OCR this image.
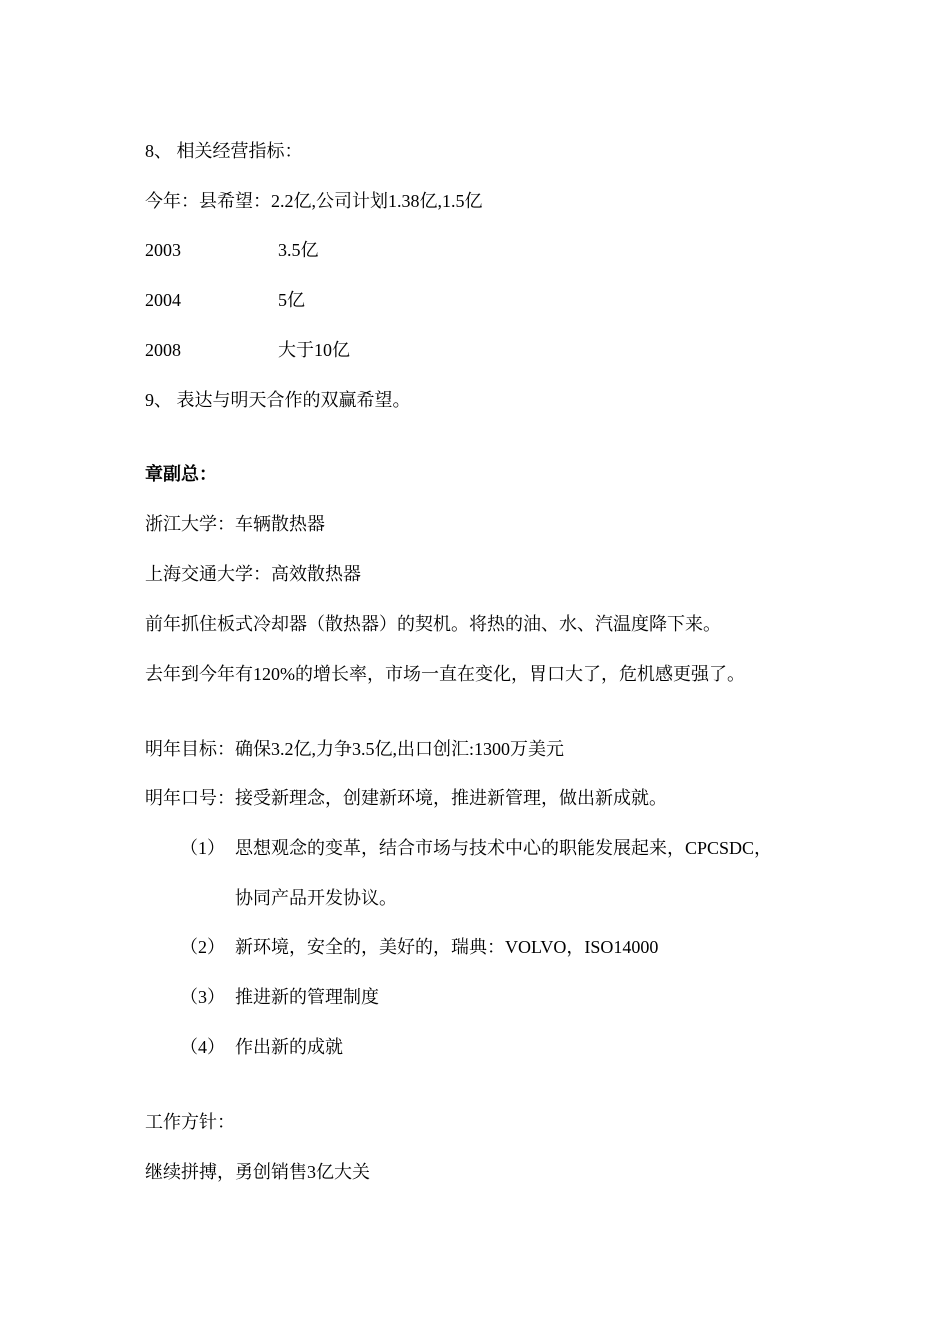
8、 相关经营指标：
今年：县希望：2.2亿,公司计划1.38亿,1.5亿
2003	3.5亿
2004	5亿
2008	大于10亿
9、 表达与明天合作的双赢希望。
章副总：
浙江大学：车辆散热器
上海交通大学：高效散热器
前年抓住板式冷却器（散热器）的契机。将热的油、水、汽温度降下来。
去年到今年有120%的增长率，市场一直在变化，胃口大了，危机感更强了。
明年目标：确保3.2亿,力争3.5亿,出口创汇:1300万美元
明年口号：接受新理念，创建新环境，推进新管理，做出新成就。
（1） 思想观念的变革，结合市场与技术中心的职能发展起来，CPCSDC，
协同产品开发协议。
（2） 新环境，安全的，美好的，瑞典：VOLVO，ISO14000
（3） 推进新的管理制度
（4） 作出新的成就
工作方针：
继续拼搏，勇创销售3亿大关
